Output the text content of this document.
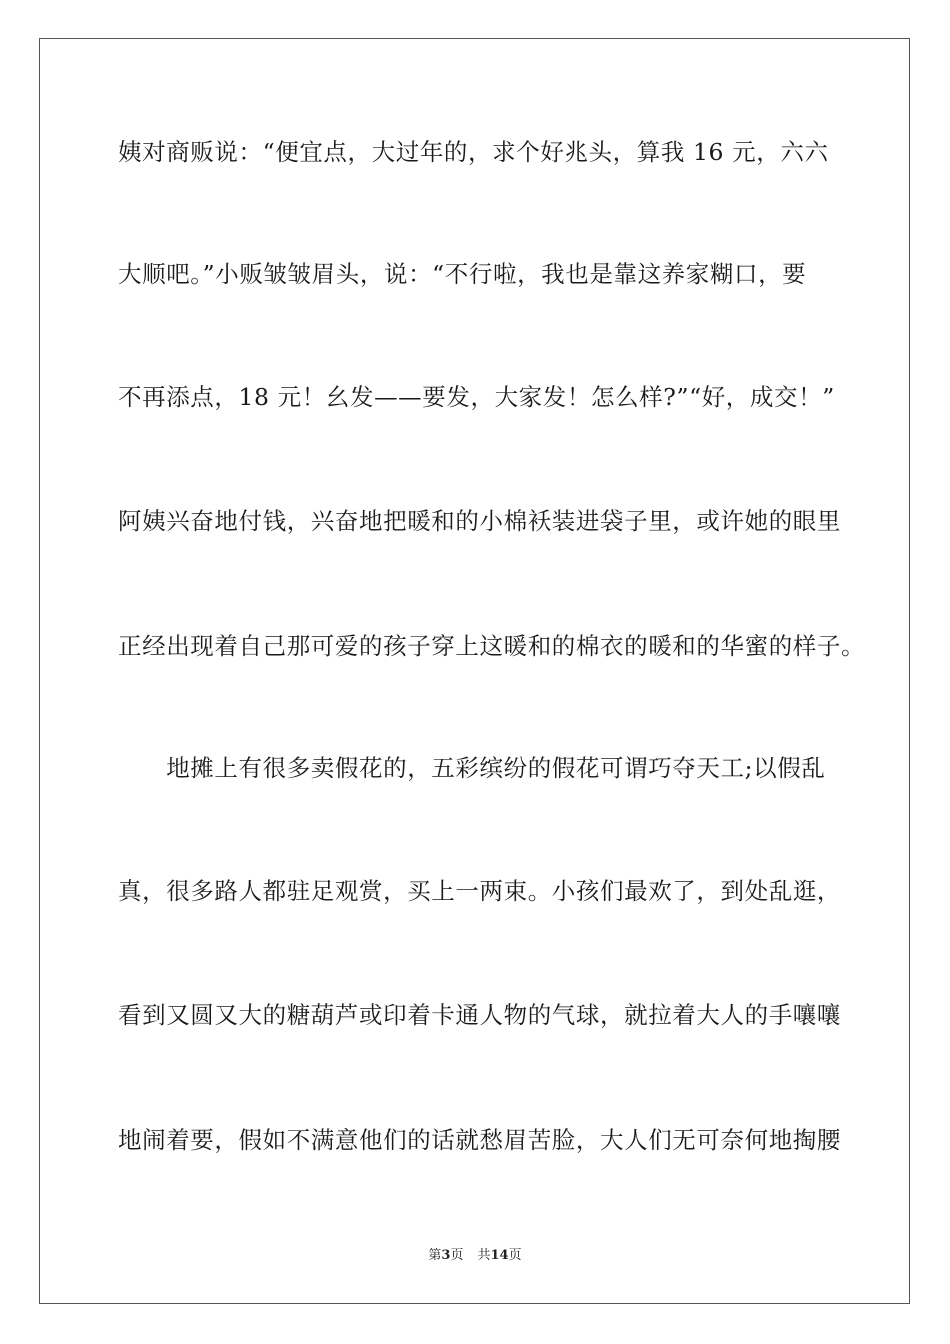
姨对商贩说：“便宜点，大过年的，求个好兆头，算我 16 元，六六
大顺吧。”小贩皱皱眉头，说：“不行啦，我也是靠这养家糊口，要
不再添点，18 元！幺发——要发，大家发！怎么样?”“好，成交！”
阿姨兴奋地付钱，兴奋地把暖和的小棉袄装进袋子里，或许她的眼里
正经出现着自己那可爱的孩子穿上这暖和的棉衣的暖和的华蜜的样子。
　　地摊上有很多卖假花的，五彩缤纷的假花可谓巧夺天工;以假乱
真，很多路人都驻足观赏，买上一两束。小孩们最欢了，到处乱逛，
看到又圆又大的糖葫芦或印着卡通人物的气球，就拉着大人的手嚷嚷
地闹着要，假如不满意他们的话就愁眉苦脸，大人们无可奈何地掏腰
第3页 共14页
